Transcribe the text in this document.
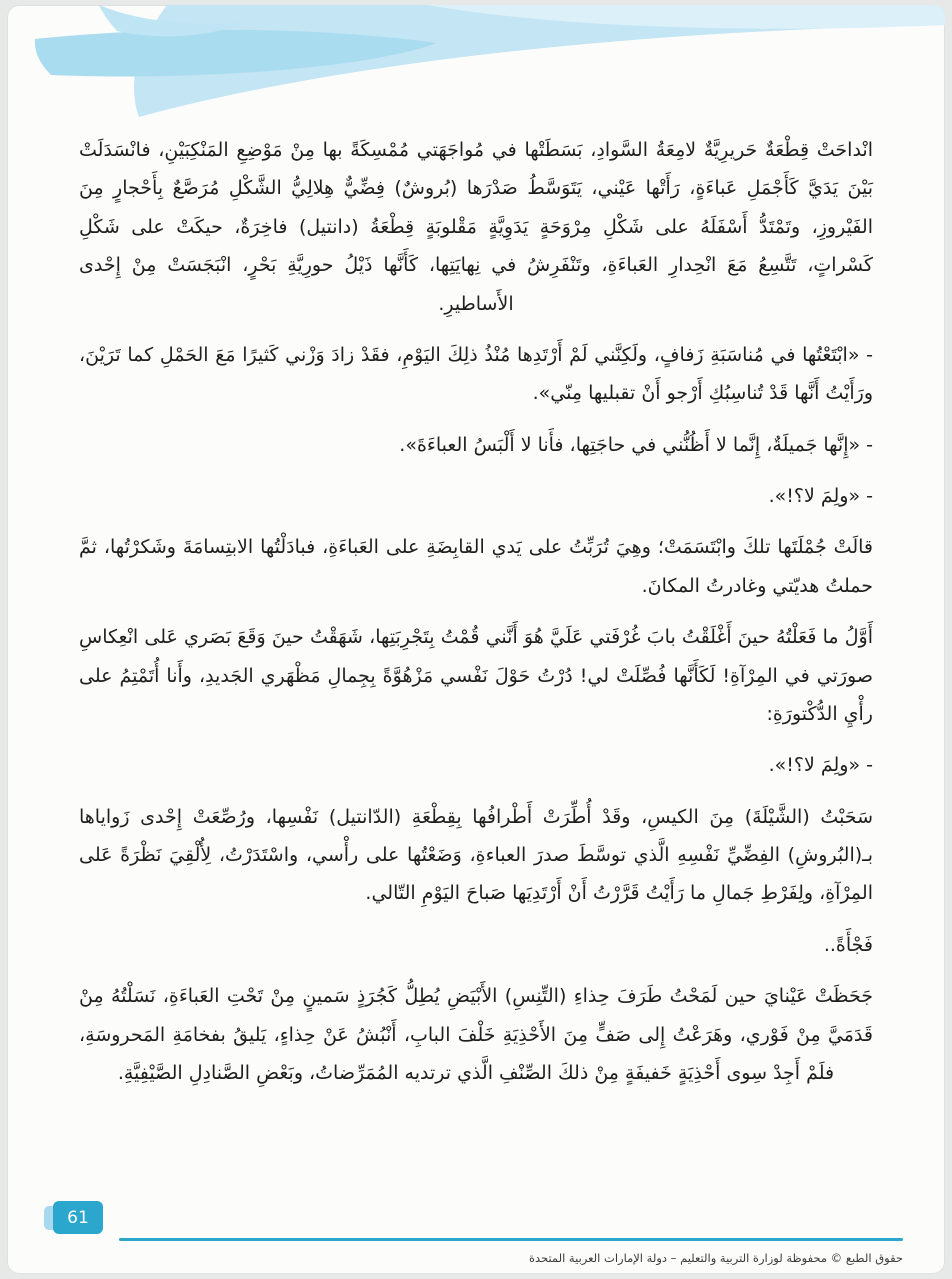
انْداحَتْ قِطْعَةٌ حَريرِيَّةٌ لامِعَةُ السَّوادِ، بَسَطَتْها في مُواجَهَتي مُمْسِكَةً بها مِنْ مَوْضِعِ المَنْكِبَيْنِ، فانْسَدَلَتْ بَيْنَ يَدَيَّ كَأَجْمَلِ عَباءَةٍ، رَأَتْها عَيْني، يَتَوَسَّطُ صَدْرَها (بُروشٌ) فِضِّيٌّ هِلالِيُّ الشَّكْلِ مُرَصَّعٌ بِأَحْجارٍ مِنَ الفَيْروزِ، وتَمْتَدُّ أَسْفَلَهُ على شَكْلِ مِرْوَحَةٍ يَدَوِيَّةٍ مَقْلوبَةٍ قِطْعَةُ (دانتيل) فاخِرَةٌ، حيكَتْ على شَكْلِ كَسْراتٍ، تَتَّسِعُ مَعَ انْحِدارِ العَباءَةِ، وتَنْفَرِشُ في نِهايَتِها، كَأَنَّها ذَيْلُ حورِيَّةِ بَحْرٍ، انْبَجَسَتْ مِنْ إِحْدى الأَساطيرِ.

- «ابْتَعْتُها في مُناسَبَةِ زَفافٍ، ولَكِنَّني لَمْ أَرْتَدِها مُنْذُ ذلِكَ اليَوْمِ، فقَدْ زادَ وَزْني كَثيرًا مَعَ الحَمْلِ كما تَرَيْنَ، ورَأَيْتُ أَنَّها قَدْ تُناسِبُكِ أَرْجو أَنْ تقبليها مِنّي».

- «إِنَّها جَميلَةٌ، إِنَّما لا أَظُنُّني في حاجَتِها، فأَنا لا أَلْبَسُ العباءَةَ».

- «ولِمَ لا؟!».

قالَتْ جُمْلَتَها تلكَ وابْتَسَمَتْ؛ وهِيَ تُرَبِّتُ على يَدي القابِضَةِ على العَباءَةِ، فبادَلْتُها الابتِسامَةَ وشَكرْتُها، ثمَّ حملتُ هديّتي وغادرتُ المكانَ.

أَوَّلُ ما فَعَلْتُهُ حينَ أَغْلَقْتُ بابَ غُرْفَتي عَلَيَّ هُوَ أَنَّني قُمْتُ بِتَجْرِبَتِها، شَهَقْتُ حينَ وَقَعَ بَصَري عَلى انْعِكاسِ صورَتي في المِرْآةِ! لَكَأَنَّها فُصِّلَتْ لي! دُرْتُ حَوْلَ نَفْسي مَزْهُوَّةً بِجِمالِ مَظْهَري الجَديدِ، وأَنا أُتَمْتِمُ على رأْيِ الدُّكْتورَةِ:

- «ولِمَ لا؟!».

سَحَبْتُ (الشَّيْلَةَ) مِنَ الكيسِ، وقَدْ أُطِّرَتْ أَطْرافُها بِقِطْعَةِ (الدّانتيل) نَفْسِها، ورُصِّعَتْ إِحْدى زَواياها بـ(البُروشِ) الفِضِّيِّ نَفْسِهِ الَّذي توسَّطَ صدرَ العباءةِ، وَضَعْتُها على رأْسي، واسْتَدَرْتُ، لِأُلْقِيَ نَظْرَةً عَلى المِرْآةِ، ولِفَرْطِ جَمالِ ما رَأَيْتُ قَرَّرْتُ أَنْ أَرْتَدِيَها صَباحَ اليَوْمِ التّالي.

فَجْأَةً..

جَحَظَتْ عَيْنايَ حين لَمَحْتُ طَرَفَ حِذاءِ (التِّنِسِ) الأَبْيَضِ يُطِلُّ كَجُرَذٍ سَمينٍ مِنْ تَحْتِ العَباءَةِ، نَسَلْتُهُ مِنْ قَدَمَيَّ مِنْ فَوْري، وهَرَعْتُ إِلى صَفٍّ مِنَ الأَحْذِيَةِ خَلْفَ البابِ، أَنْبُشُ عَنْ حِذاءٍ، يَليقُ بفخامَةِ المَحروسَةِ، فلَمْ أَجِدْ سِوى أَحْذِيَةٍ خَفيفَةٍ مِنْ ذلكَ الصِّنْفِ الَّذي ترتديه المُمَرِّضاتُ، وبَعْضِ الصَّنادِلِ الصَّيْفِيَّةِ.

61
حقوق الطبع © محفوظة لوزارة التربية والتعليم – دولة الإمارات العربية المتحدة
